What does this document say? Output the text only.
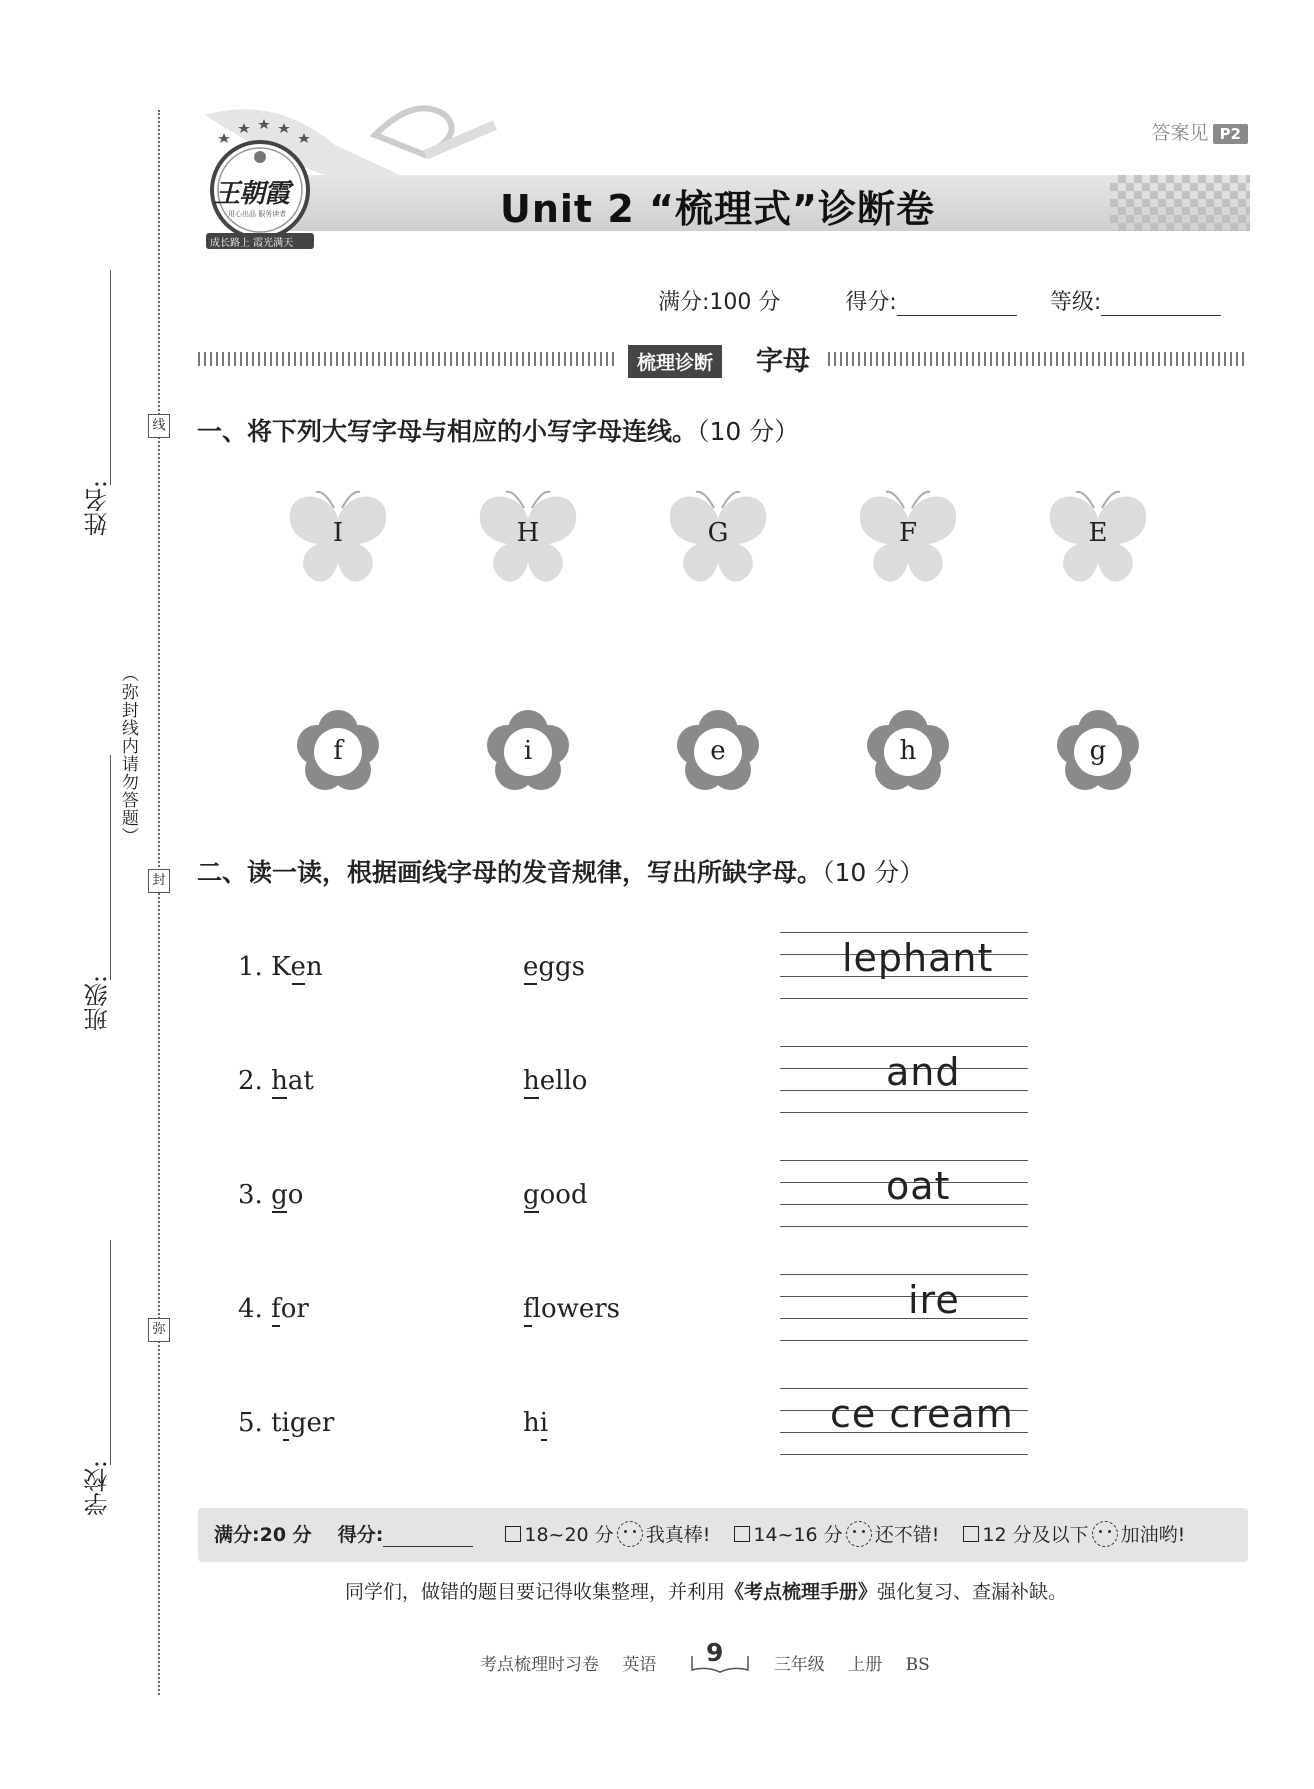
线
封
弥
姓名:
（弥封线内请勿答题）
班级:
学校:
答案见 P2
王朝霞
用心出品 服务读者
成长路上 霞光满天
Unit 2 “梳理式”诊断卷
满分:100 分	得分:	等级:
梳理诊断	字母
一、将下列大写字母与相应的小写字母连线。（10 分）
I	H	G	F	E
f	i	e	h	g
二、读一读，根据画线字母的发音规律，写出所缺字母。（10 分）
1. Ken	eggs	lephant
2. hat	hello	and
3. go	good	oat
4. for	flowers	ire
5. tiger	hi	ce cream
满分:20 分 得分:	18~20 分 我真棒! 14~16 分 还不错! 12 分及以下 加油哟!
同学们，做错的题目要记得收集整理，并利用《考点梳理手册》强化复习、查漏补缺。
考点梳理时习卷 英语	三年级 上册 BS
9
